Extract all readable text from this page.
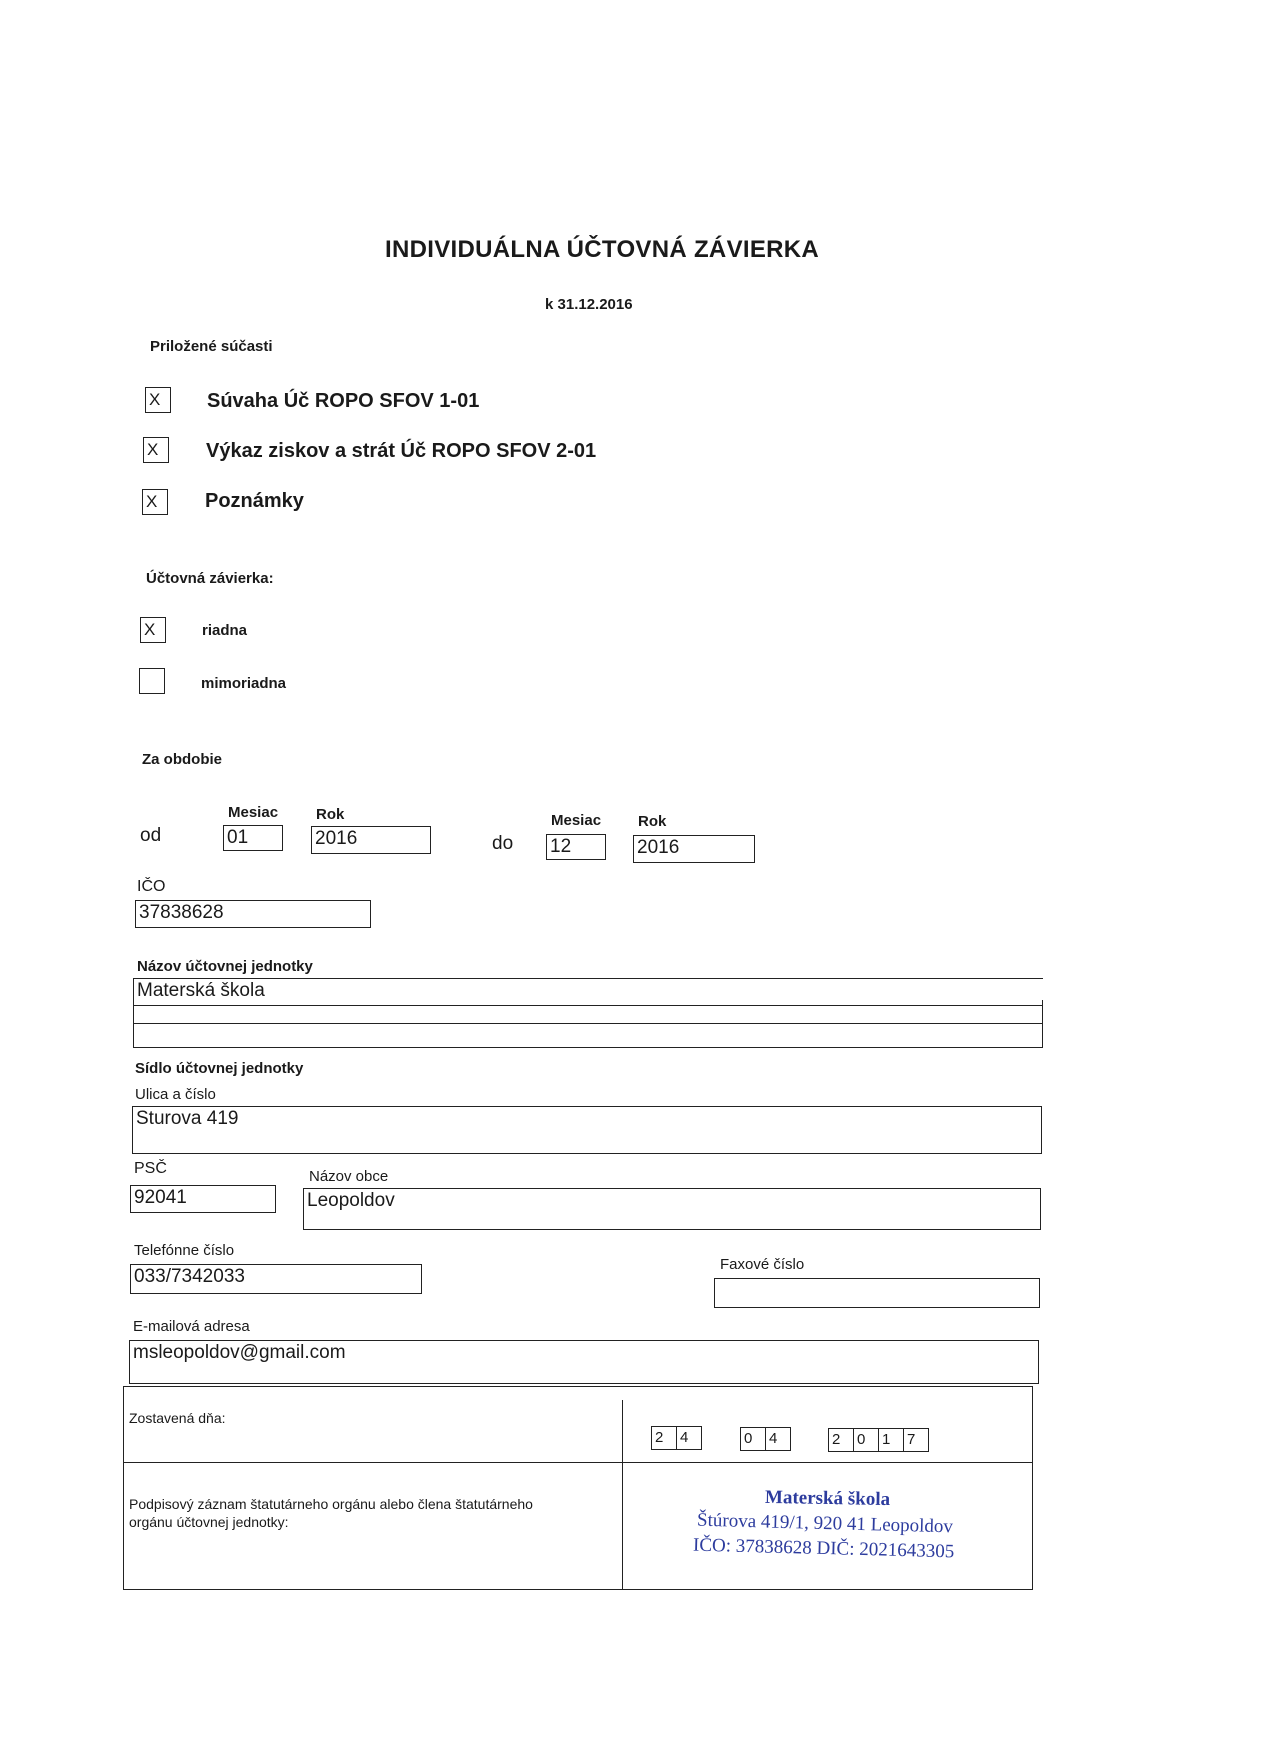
INDIVIDUÁLNA ÚČTOVNÁ ZÁVIERKA
k 31.12.2016
Priložené súčasti
X	Súvaha Úč ROPO SFOV 1-01
X	Výkaz ziskov a strát Úč ROPO SFOV 2-01
X	Poznámky
Účtovná závierka:
X	riadna
mimoriadna
Za obdobie
od
Mesiac	Rok
01	2016	do
Mesiac Rok
12	2016
IČO
37838628
Názov účtovnej jednotky
Materská škola
Sídlo účtovnej jednotky
Ulica a číslo
Sturova 419
PSČ
92041
Názov obce
Leopoldov
Telefónne číslo
033/7342033
Faxové číslo
E-mailová adresa
msleopoldov@gmail.com
Zostavená dňa:
2	4	0	4	2	0	1	7
Podpisový záznam štatutárneho orgánu alebo člena štatutárneho
orgánu účtovnej jednotky:
Materská škola
Štúrova 419/1, 920 41 Leopoldov
IČO: 37838628 DIČ: 2021643305
